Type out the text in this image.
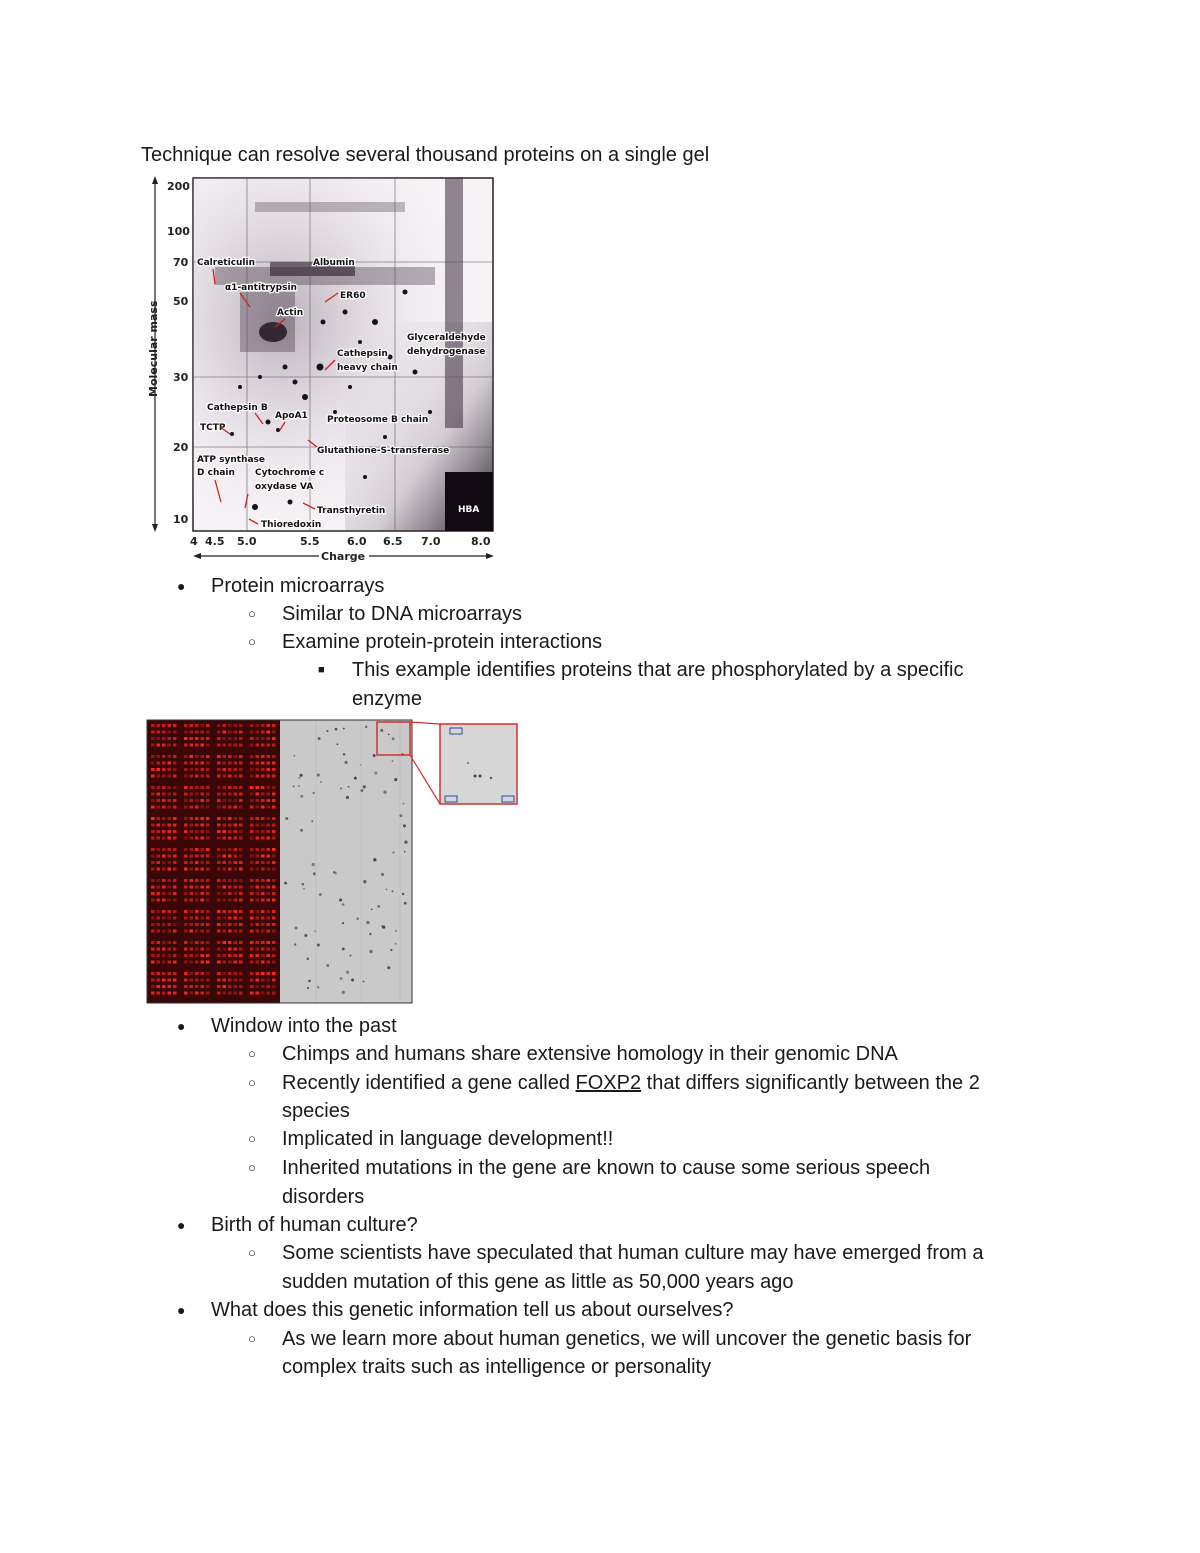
Technique can resolve several thousand proteins on a single gel
Molecular mass
200
100
70
50
30
20
10
4 4.5 5.0	5.5	6.0 6.5 7.0	8.0
Charge
Calreticulin	Albumin
α1-antitrypsin
ER60
Actin
Glyceraldehyde
dehydrogenase
Cathepsin
heavy chain
Cathepsin B
ApoA1 Proteosome B chain
TCTP
Glutathione-S-transferase
ATP synthase
D chain Cytochrome c
oxydase VA
Transthyretin
Thioredoxin
HBA
● Protein microarrays
○ Similar to DNA microarrays
○ Examine protein-protein interactions
■ This example identifies proteins that are phosphorylated by a specific
enzyme
● Window into the past
○ Chimps and humans share extensive homology in their genomic DNA
○ Recently identified a gene called FOXP2 that differs significantly between the 2
species
○ Implicated in language development!!
○ Inherited mutations in the gene are known to cause some serious speech
disorders
● Birth of human culture?
○ Some scientists have speculated that human culture may have emerged from a
sudden mutation of this gene as little as 50,000 years ago
● What does this genetic information tell us about ourselves?
○ As we learn more about human genetics, we will uncover the genetic basis for
complex traits such as intelligence or personality
